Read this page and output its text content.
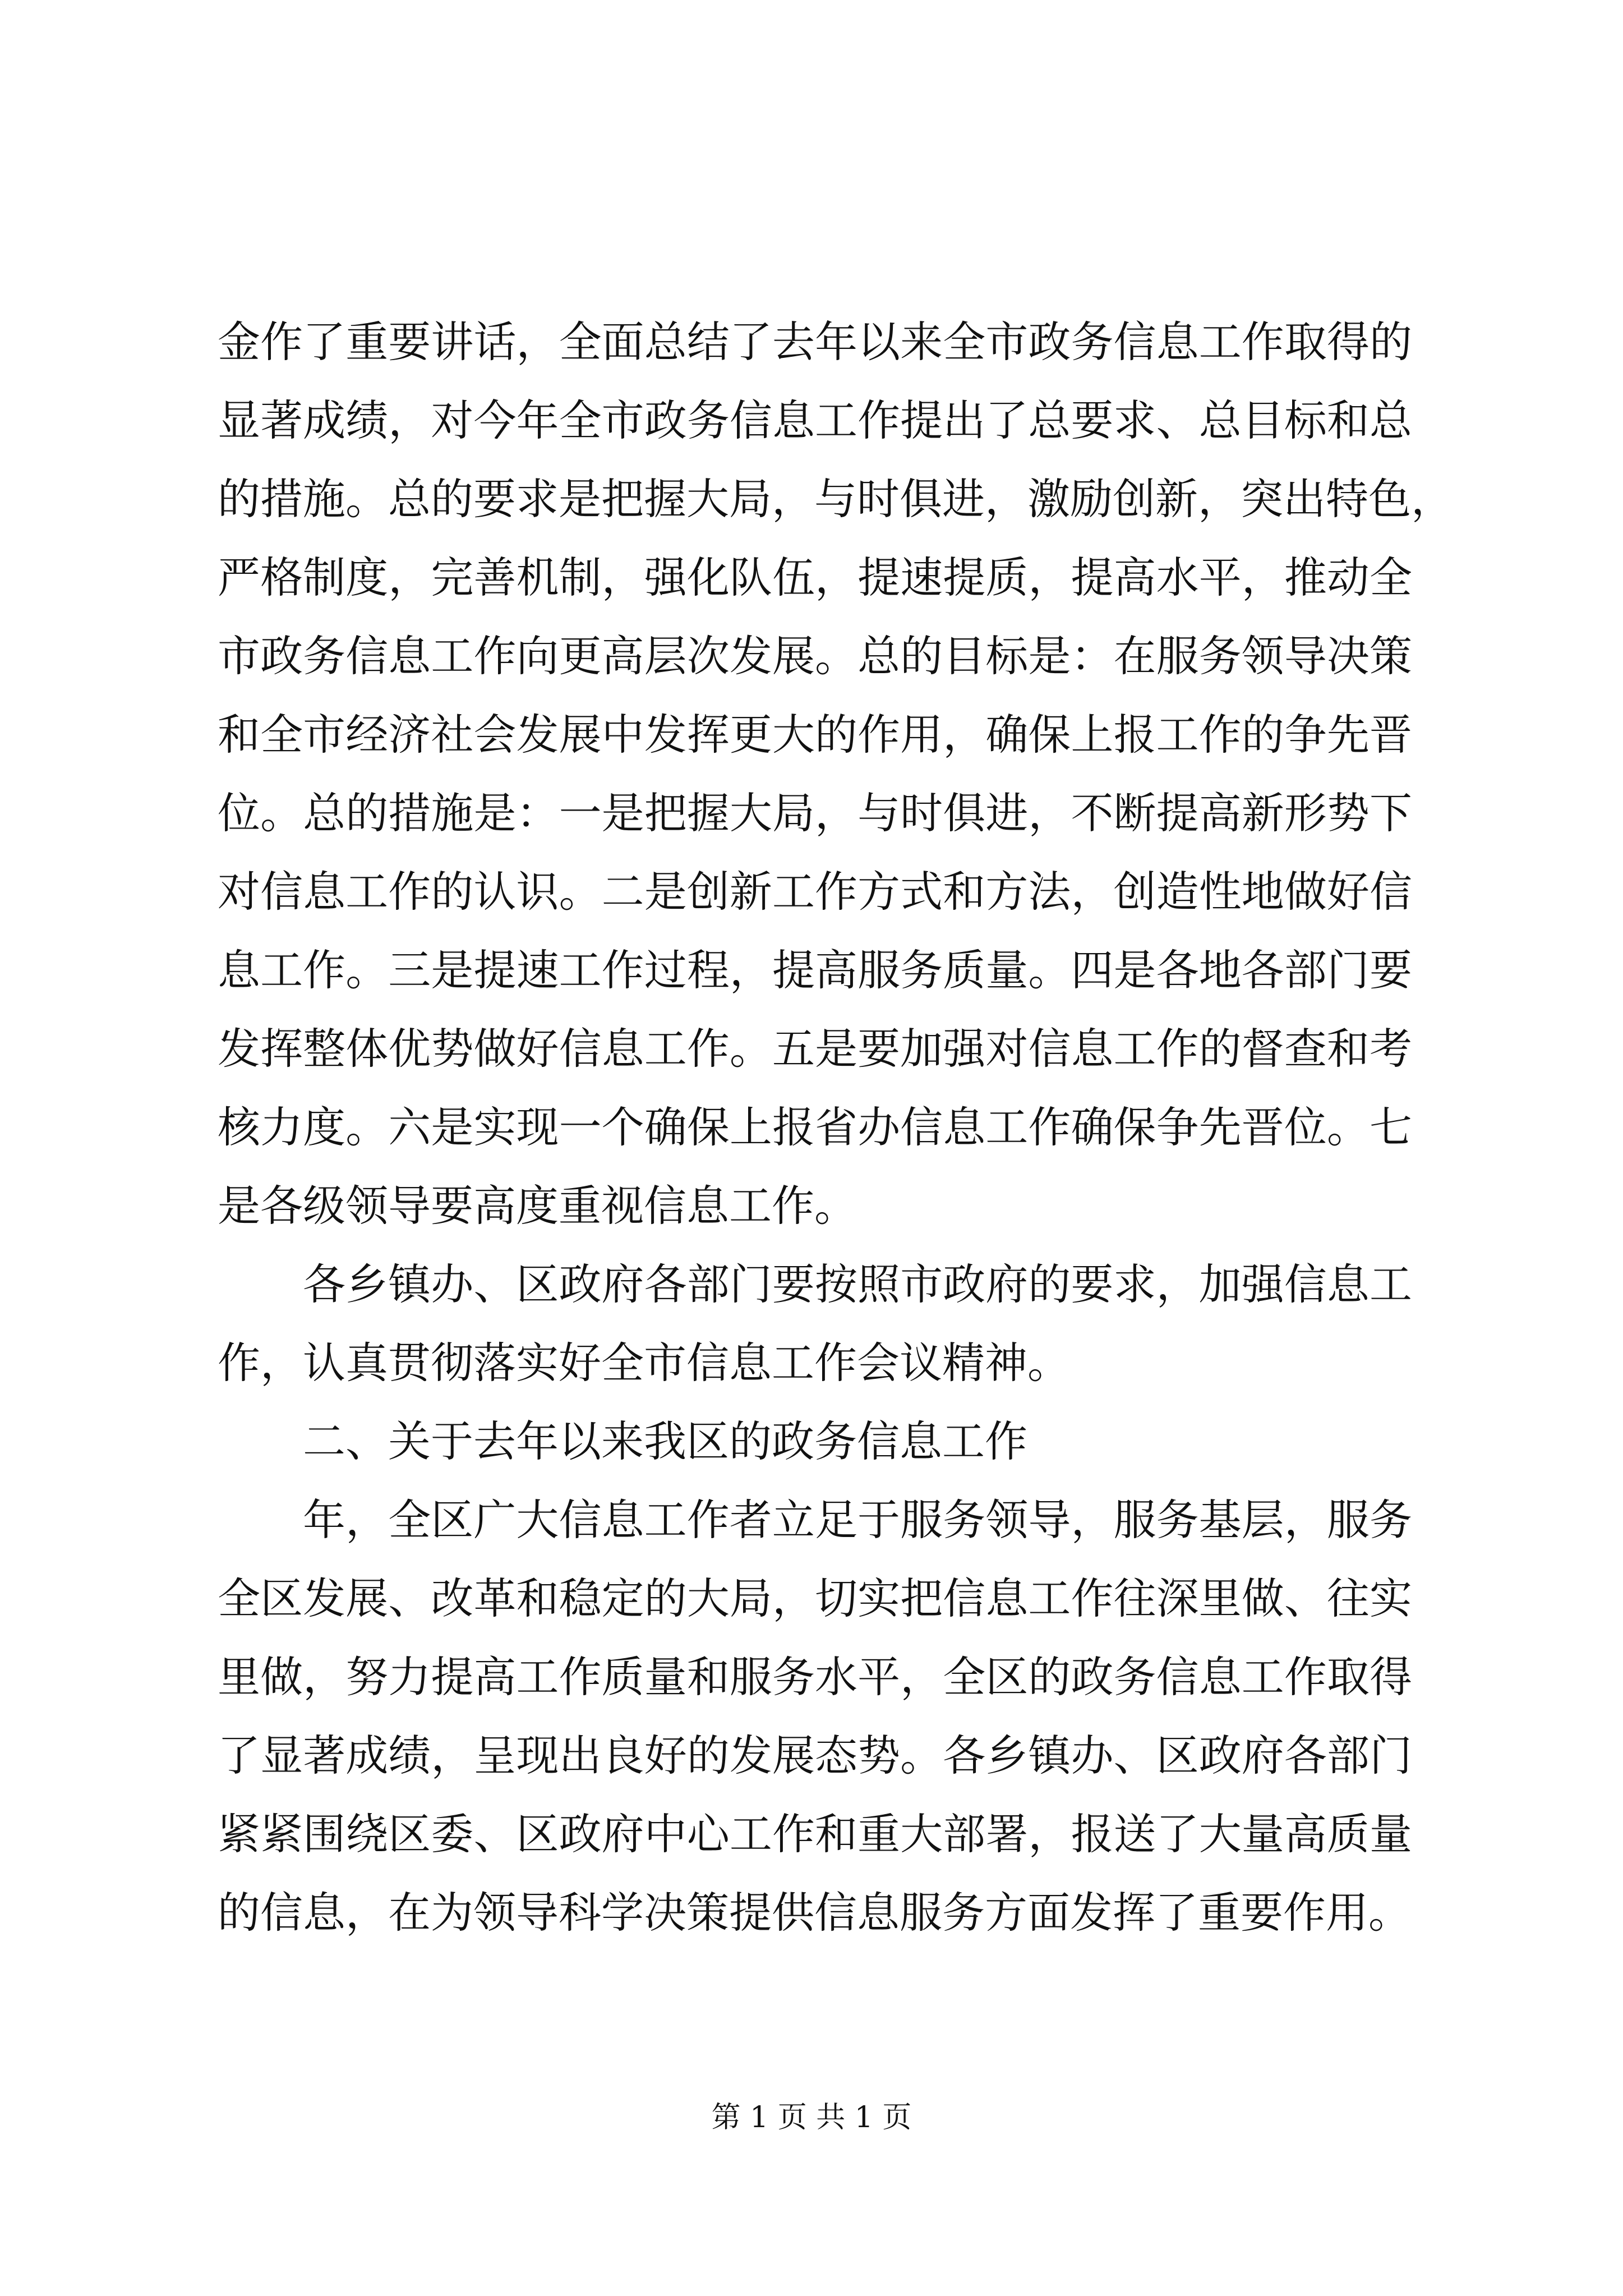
金作了重要讲话，全面总结了去年以来全市政务信息工作取得的
显著成绩，对今年全市政务信息工作提出了总要求、总目标和总
的措施。总的要求是把握大局，与时俱进，激励创新，突出特色，
严格制度，完善机制，强化队伍，提速提质，提高水平，推动全
市政务信息工作向更高层次发展。总的目标是：在服务领导决策
和全市经济社会发展中发挥更大的作用，确保上报工作的争先晋
位。总的措施是：一是把握大局，与时俱进，不断提高新形势下
对信息工作的认识。二是创新工作方式和方法，创造性地做好信
息工作。三是提速工作过程，提高服务质量。四是各地各部门要
发挥整体优势做好信息工作。五是要加强对信息工作的督查和考
核力度。六是实现一个确保上报省办信息工作确保争先晋位。七
是各级领导要高度重视信息工作。
各乡镇办、区政府各部门要按照市政府的要求，加强信息工
作，认真贯彻落实好全市信息工作会议精神。
二、关于去年以来我区的政务信息工作
年，全区广大信息工作者立足于服务领导，服务基层，服务
全区发展、改革和稳定的大局，切实把信息工作往深里做、往实
里做，努力提高工作质量和服务水平，全区的政务信息工作取得
了显著成绩，呈现出良好的发展态势。各乡镇办、区政府各部门
紧紧围绕区委、区政府中心工作和重大部署，报送了大量高质量
的信息，在为领导科学决策提供信息服务方面发挥了重要作用。
第 1 页 共 1 页
